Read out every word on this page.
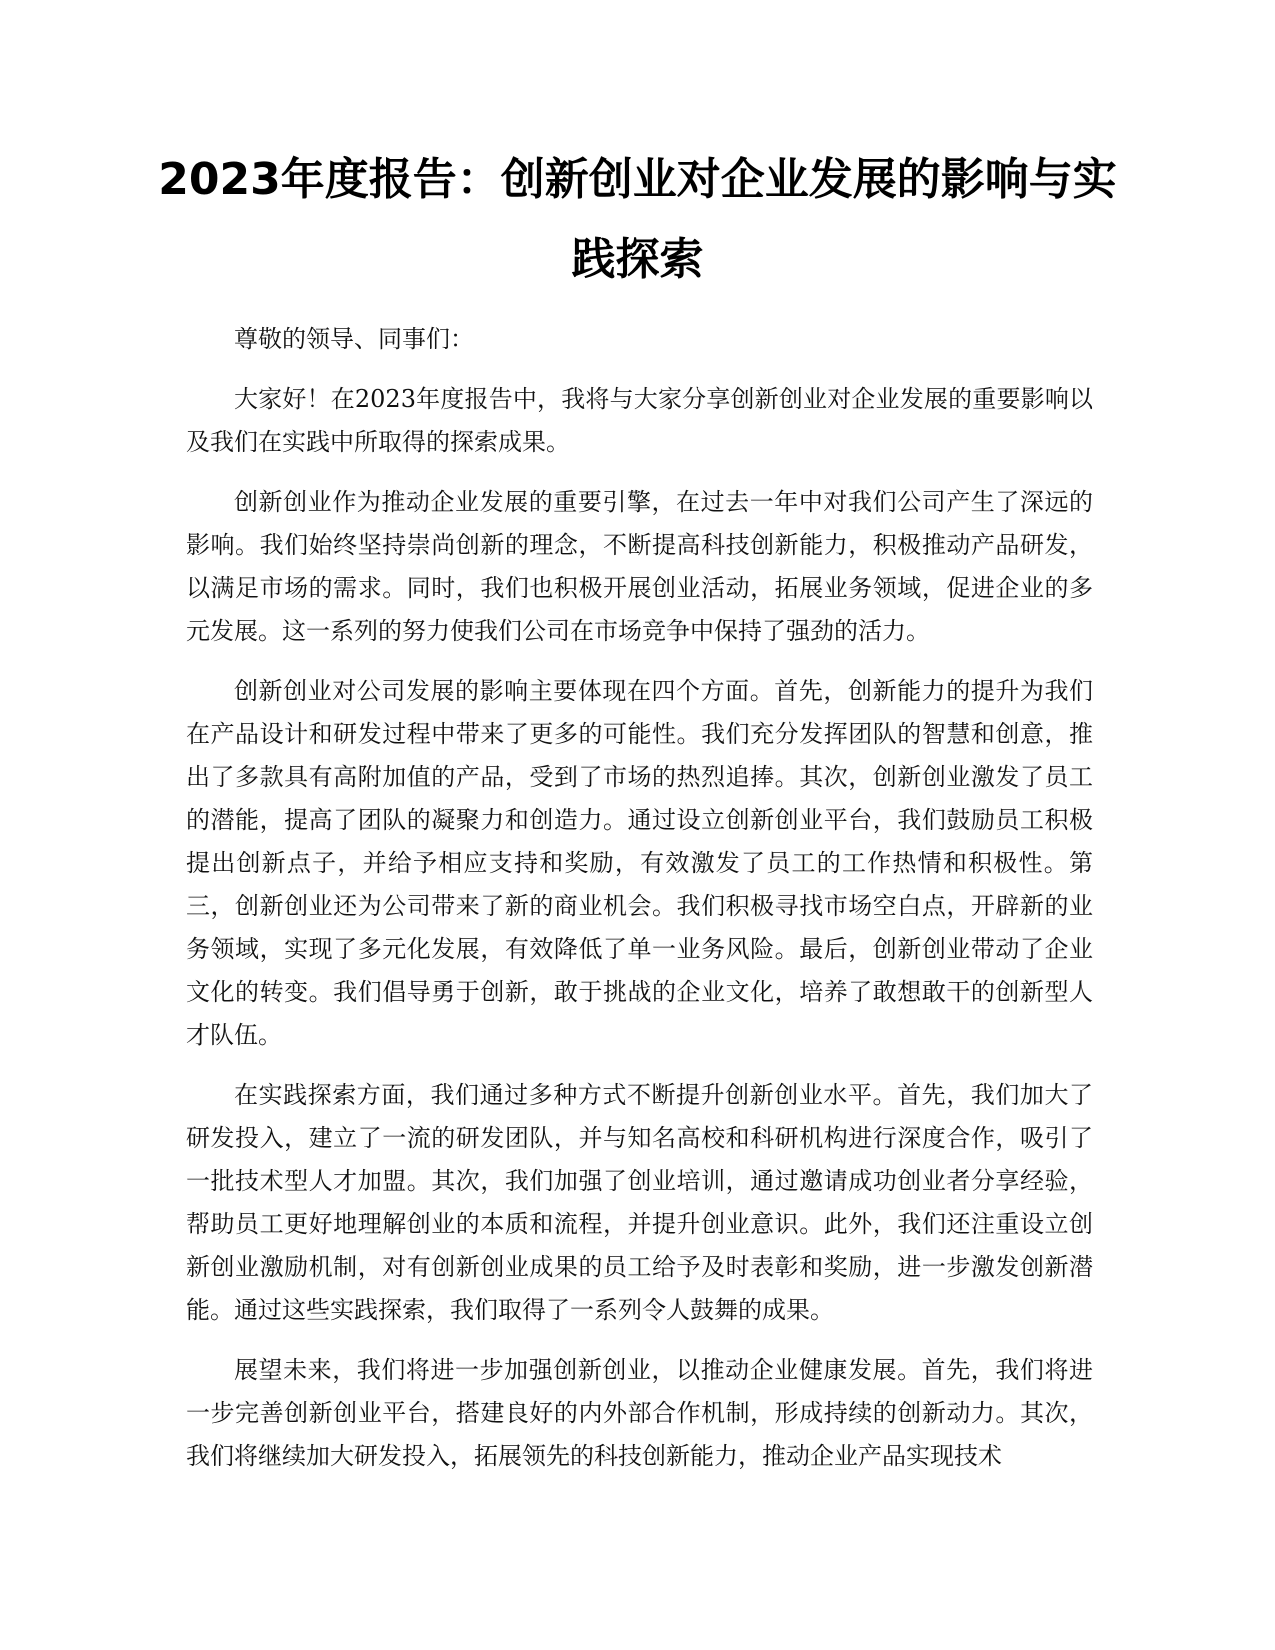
2023年度报告：创新创业对企业发展的影响与实践探索

尊敬的领导、同事们：

大家好！在2023年度报告中，我将与大家分享创新创业对企业发展的重要影响以及我们在实践中所取得的探索成果。

创新创业作为推动企业发展的重要引擎，在过去一年中对我们公司产生了深远的影响。我们始终坚持崇尚创新的理念，不断提高科技创新能力，积极推动产品研发，以满足市场的需求。同时，我们也积极开展创业活动，拓展业务领域，促进企业的多元发展。这一系列的努力使我们公司在市场竞争中保持了强劲的活力。

创新创业对公司发展的影响主要体现在四个方面。首先，创新能力的提升为我们在产品设计和研发过程中带来了更多的可能性。我们充分发挥团队的智慧和创意，推出了多款具有高附加值的产品，受到了市场的热烈追捧。其次，创新创业激发了员工的潜能，提高了团队的凝聚力和创造力。通过设立创新创业平台，我们鼓励员工积极提出创新点子，并给予相应支持和奖励，有效激发了员工的工作热情和积极性。第三，创新创业还为公司带来了新的商业机会。我们积极寻找市场空白点，开辟新的业务领域，实现了多元化发展，有效降低了单一业务风险。最后，创新创业带动了企业文化的转变。我们倡导勇于创新，敢于挑战的企业文化，培养了敢想敢干的创新型人才队伍。

在实践探索方面，我们通过多种方式不断提升创新创业水平。首先，我们加大了研发投入，建立了一流的研发团队，并与知名高校和科研机构进行深度合作，吸引了一批技术型人才加盟。其次，我们加强了创业培训，通过邀请成功创业者分享经验，帮助员工更好地理解创业的本质和流程，并提升创业意识。此外，我们还注重设立创新创业激励机制，对有创新创业成果的员工给予及时表彰和奖励，进一步激发创新潜能。通过这些实践探索，我们取得了一系列令人鼓舞的成果。

展望未来，我们将进一步加强创新创业，以推动企业健康发展。首先，我们将进一步完善创新创业平台，搭建良好的内外部合作机制，形成持续的创新动力。其次，我们将继续加大研发投入，拓展领先的科技创新能力，推动企业产品实现技术
